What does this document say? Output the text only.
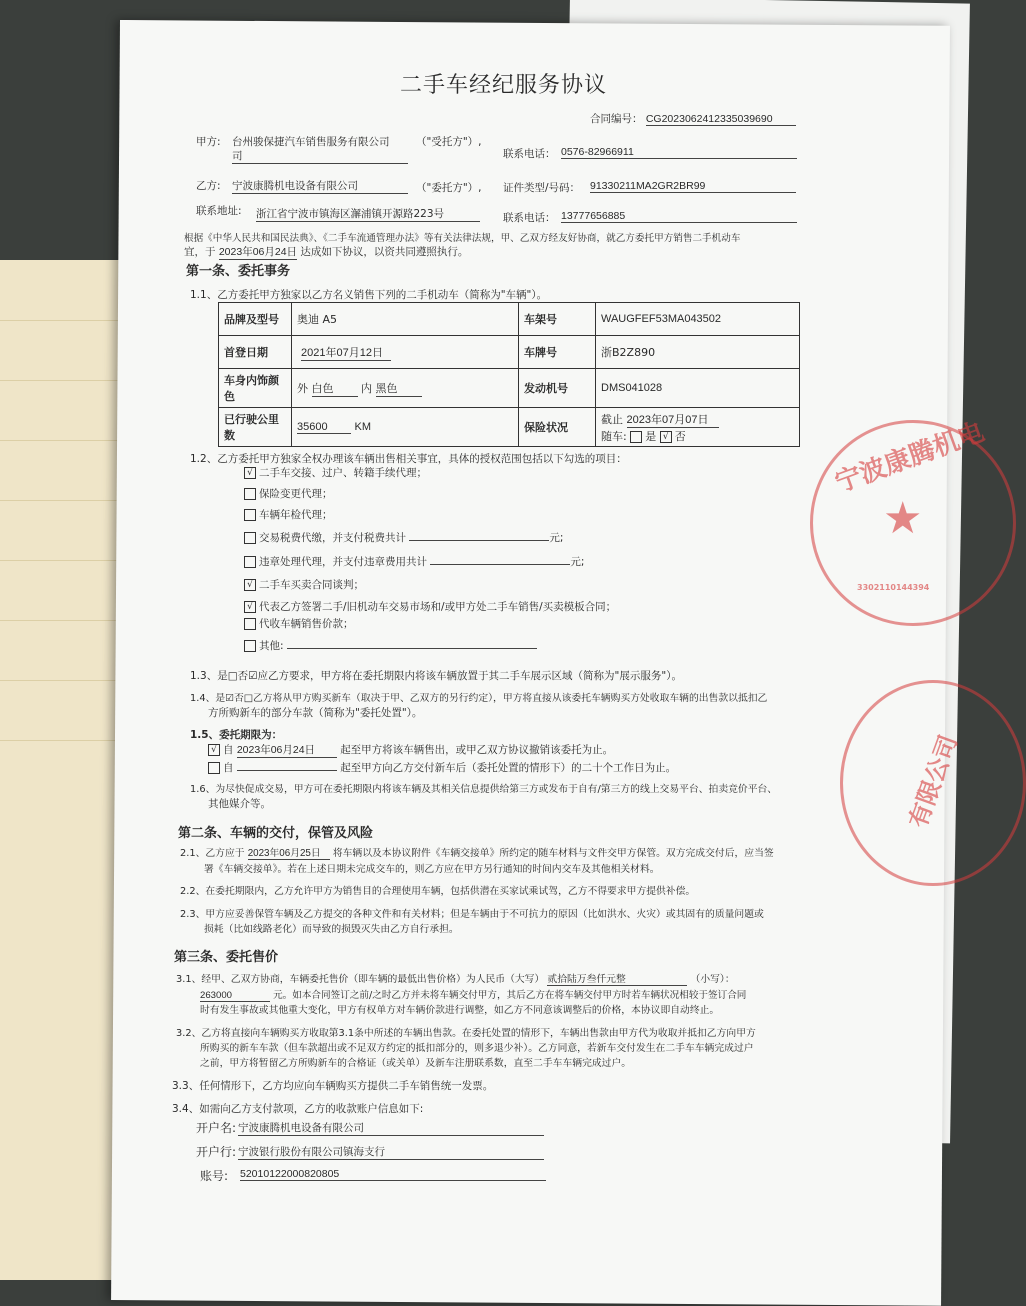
二手车经纪服务协议
合同编号： CG2023062412335039690
甲方: 台州骏保捷汽车销售服务有限公司
司
（"受托方"）,
联系电话： 0576-82966911
乙方: 宁波康腾机电设备有限公司	（"委托方"）, 证件类型/号码： 91330211MA2GR2BR99
联系地址: 浙江省宁波市镇海区澥浦镇开源路223号	联系电话： 13777656885
根据《中华人民共和国民法典》、《二手车流通管理办法》等有关法律法规，甲、乙双方经友好协商，就乙方委托甲方销售二手机动车
宜，于 2023年06月24日 达成如下协议，以资共同遵照执行。
第一条、委托事务
1.1、乙方委托甲方独家以乙方名义销售下列的二手机动车（简称为"车辆"）。
品牌及型号	奥迪 A5	车架号	WAUGFEF53MA043502
首登日期	2021年07月12日	车牌号	浙B2Z890
车身内饰颜色	外 白色 内 黑色	发动机号	DMS041028
已行驶公里数	35600 KM	保险状况	截止 2023年07月07日
随车: 是 √ 否
1.2、乙方委托甲方独家全权办理该车辆出售相关事宜，具体的授权范围包括以下勾选的项目：
√ 二手车交接、过户、转籍手续代理；
保险变更代理；
车辆年检代理；
交易税费代缴，并支付税费共计	元;
违章处理代理，并支付违章费用共计	元;
√ 二手车买卖合同谈判；
√ 代表乙方签署二手/旧机动车交易市场和/或甲方处二手车销售/买卖模板合同；
代收车辆销售价款；
其他:
1.3、是□否☑应乙方要求，甲方将在委托期限内将该车辆放置于其二手车展示区域（简称为"展示服务"）。
1.4、是☑否□乙方将从甲方购买新车（取决于甲、乙双方的另行约定），甲方将直接从该委托车辆购买方处收取车辆的出售款以抵扣乙
方所购新车的部分车款（简称为"委托处置"）。
1.5、委托期限为：
√ 自 2023年06月24日 起至甲方将该车辆售出，或甲乙双方协议撤销该委托为止。
自	起至甲方向乙方交付新车后（委托处置的情形下）的二十个工作日为止。
1.6、为尽快促成交易，甲方可在委托期限内将该车辆及其相关信息提供给第三方或发布于自有/第三方的线上交易平台、拍卖竞价平台、
其他媒介等。
第二条、车辆的交付，保管及风险
2.1、乙方应于 2023年06月25日 将车辆以及本协议附件《车辆交接单》所约定的随车材料与文件交甲方保管。双方完成交付后，应当签
署《车辆交接单》。若在上述日期未完成交车的，则乙方应在甲方另行通知的时间内交车及其他相关材料。
2.2、在委托期限内，乙方允许甲方为销售目的合理使用车辆，包括供潜在买家试乘试驾，乙方不得要求甲方提供补偿。
2.3、甲方应妥善保管车辆及乙方提交的各种文件和有关材料；但是车辆由于不可抗力的原因（比如洪水、火灾）或其固有的质量问题或
损耗（比如线路老化）而导致的损毁灭失由乙方自行承担。
第三条、委托售价
3.1、经甲、乙双方协商，车辆委托售价（即车辆的最低出售价格）为人民币（大写） 贰拾陆万叁仟元整	（小写）：
263000	元。如本合同签订之前/之时乙方并未将车辆交付甲方，其后乙方在将车辆交付甲方时若车辆状况相较于签订合同
时有发生事故或其他重大变化，甲方有权单方对车辆价款进行调整，如乙方不同意该调整后的价格，本协议即自动终止。
3.2、乙方将直接向车辆购买方收取第3.1条中所述的车辆出售款。在委托处置的情形下，车辆出售款由甲方代为收取并抵扣乙方向甲方
所购买的新车车款（但车款超出或不足双方约定的抵扣部分的，则多退少补）。乙方同意，若新车交付发生在二手车车辆完成过户
之前，甲方将暂留乙方所购新车的合格证（或关单）及新车注册联系数，直至二手车车辆完成过户。
3.3、任何情形下，乙方均应向车辆购买方提供二手车销售统一发票。
3.4、如需向乙方支付款项，乙方的收款账户信息如下:
开户名: 宁波康腾机电设备有限公司
开户行: 宁波银行股份有限公司镇海支行
账号: 52010122000820805
宁波康腾机电
★
3302110144394
有限公司
